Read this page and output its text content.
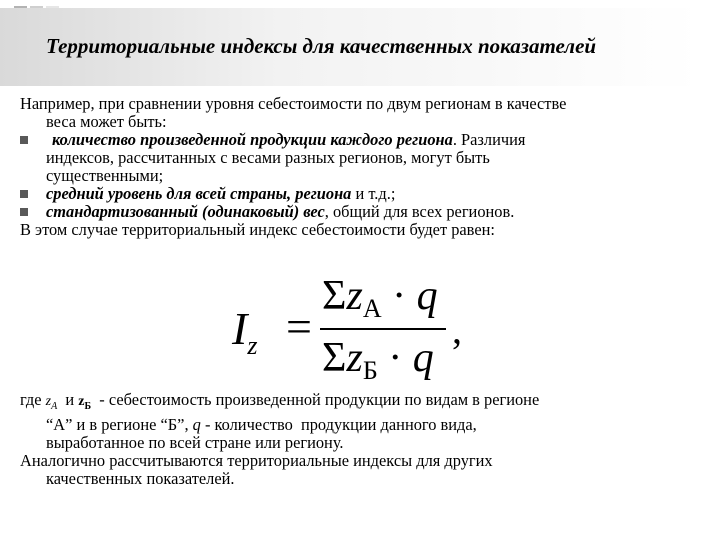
Территориальные индексы для качественных показателей

Например, при сравнении уровня себестоимости по двум регионам в качестве

веса может быть:

количество произведенной продукции каждого региона. Различия

индексов, рассчитанных с весами разных регионов, могут быть

существенными;

средний уровень для всей страны, региона и т.д.;
стандартизованный (одинаковый) вес, общий для всех регионов.

В этом случае территориальный индекс себестоимости будет равен:

$I_z$ =
ΣzА · q
ΣzБ · q
,

где $z_А$  и $z_Б$  - себестоимость произведенной продукции по видам в регионе

“А” и в регионе “Б”, q - количество  продукции данного вида,

выработанное по всей стране или региону.

Аналогично рассчитываются территориальные индексы для других

качественных показателей.
